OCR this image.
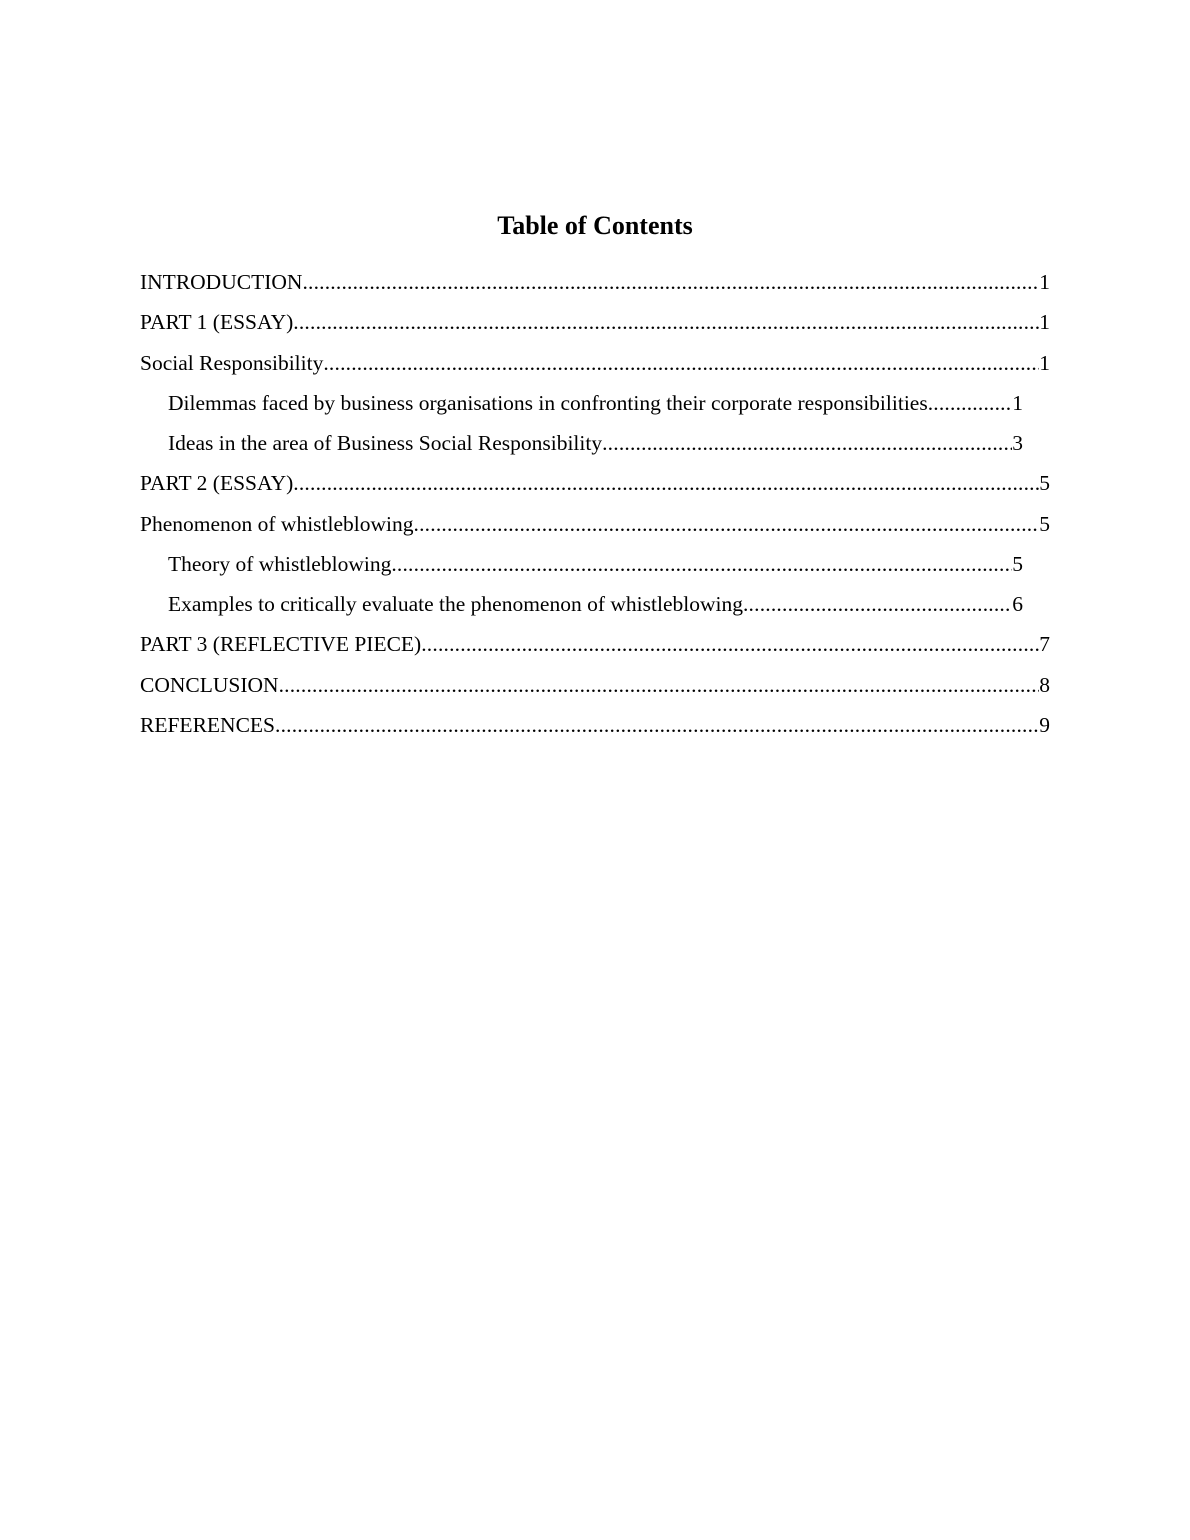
Table of Contents
INTRODUCTION .....	1
PART 1 (ESSAY) .....	1
Social Responsibility .....	1
Dilemmas faced by business organisations in confronting their corporate responsibilities .....	1
Ideas in the area of Business Social Responsibility .....	3
PART 2 (ESSAY) .....	5
Phenomenon of whistleblowing .....	5
Theory of whistleblowing .....	5
Examples to critically evaluate the phenomenon of whistleblowing .....	6
PART 3 (REFLECTIVE PIECE) .....	7
CONCLUSION .....	8
REFERENCES .....	9
